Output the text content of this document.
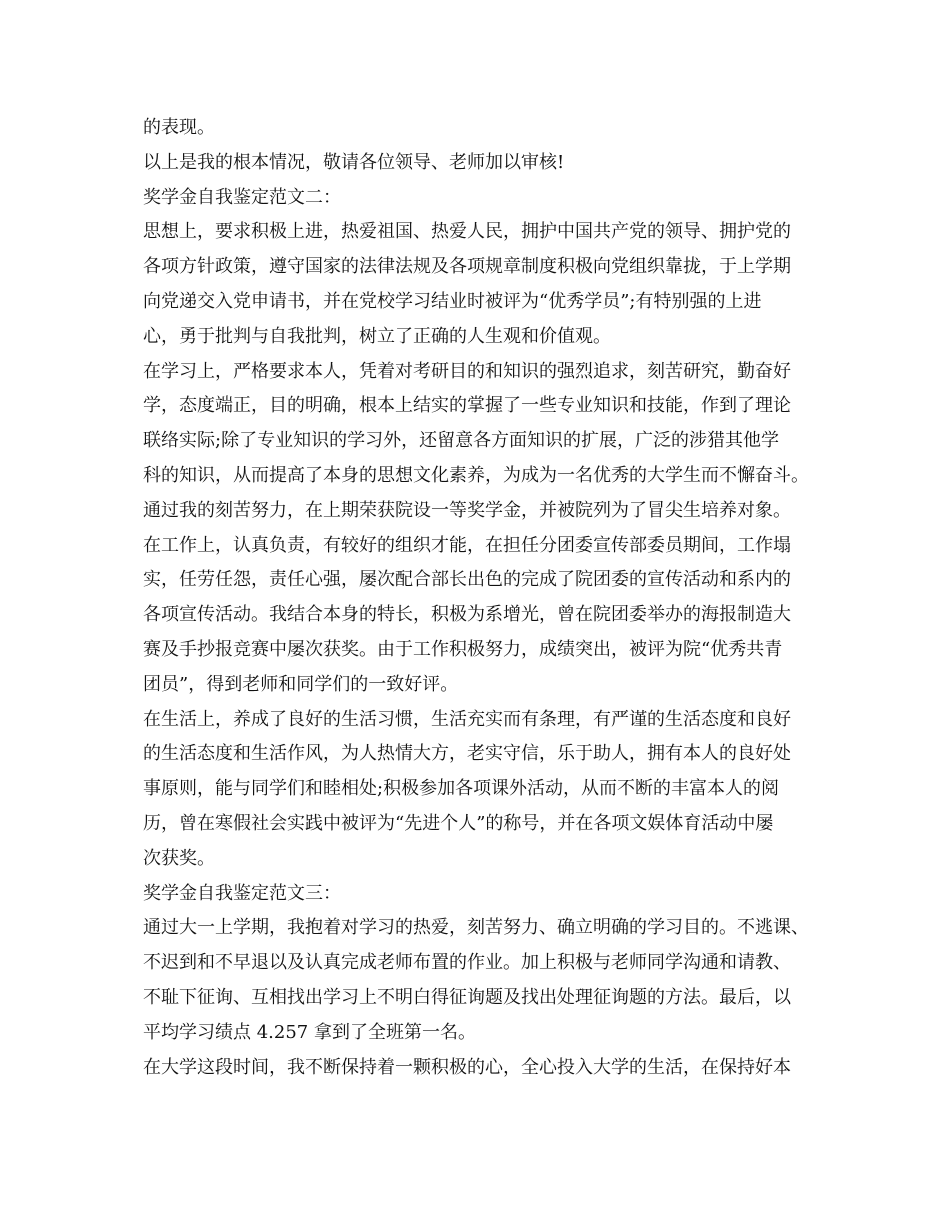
的表现。
以上是我的根本情况，敬请各位领导、老师加以审核!
奖学金自我鉴定范文二：
思想上，要求积极上进，热爱祖国、热爱人民，拥护中国共产党的领导、拥护党的
各项方针政策，遵守国家的法律法规及各项规章制度积极向党组织靠拢，于上学期
向党递交入党申请书，并在党校学习结业时被评为“优秀学员”;有特别强的上进
心，勇于批判与自我批判，树立了正确的人生观和价值观。
在学习上，严格要求本人，凭着对考研目的和知识的强烈追求，刻苦研究，勤奋好
学，态度端正，目的明确，根本上结实的掌握了一些专业知识和技能，作到了理论
联络实际;除了专业知识的学习外，还留意各方面知识的扩展，广泛的涉猎其他学
科的知识，从而提高了本身的思想文化素养，为成为一名优秀的大学生而不懈奋斗。
通过我的刻苦努力，在上期荣获院设一等奖学金，并被院列为了冒尖生培养对象。
在工作上，认真负责，有较好的组织才能，在担任分团委宣传部委员期间，工作塌
实，任劳任怨，责任心强，屡次配合部长出色的完成了院团委的宣传活动和系内的
各项宣传活动。我结合本身的特长，积极为系增光，曾在院团委举办的海报制造大
赛及手抄报竞赛中屡次获奖。由于工作积极努力，成绩突出，被评为院“优秀共青
团员”，得到老师和同学们的一致好评。
在生活上，养成了良好的生活习惯，生活充实而有条理，有严谨的生活态度和良好
的生活态度和生活作风，为人热情大方，老实守信，乐于助人，拥有本人的良好处
事原则，能与同学们和睦相处;积极参加各项课外活动，从而不断的丰富本人的阅
历，曾在寒假社会实践中被评为“先进个人”的称号，并在各项文娱体育活动中屡
次获奖。
奖学金自我鉴定范文三：
通过大一上学期，我抱着对学习的热爱，刻苦努力、确立明确的学习目的。不逃课、
不迟到和不早退以及认真完成老师布置的作业。加上积极与老师同学沟通和请教、
不耻下征询、互相找出学习上不明白得征询题及找出处理征询题的方法。最后，以
平均学习绩点 4.257 拿到了全班第一名。
在大学这段时间，我不断保持着一颗积极的心，全心投入大学的生活，在保持好本
